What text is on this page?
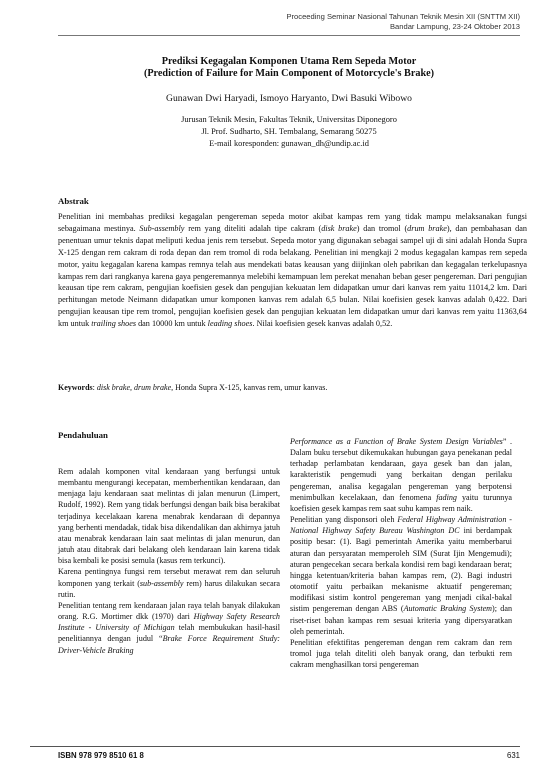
Proceeding Seminar Nasional Tahunan Teknik Mesin XII (SNTTM XII)
Bandar Lampung, 23-24 Oktober 2013
Prediksi Kegagalan Komponen Utama Rem Sepeda Motor
(Prediction of Failure for Main Component of Motorcycle's Brake)
Gunawan Dwi Haryadi, Ismoyo Haryanto, Dwi Basuki Wibowo
Jurusan Teknik Mesin, Fakultas Teknik, Universitas Diponegoro
Jl. Prof. Sudharto, SH. Tembalang, Semarang 50275
E-mail koresponden: gunawan_dh@undip.ac.id
Abstrak

Penelitian ini membahas prediksi kegagalan pengereman sepeda motor akibat kampas rem yang tidak mampu melaksanakan fungsi sebagaimana mestinya. Sub-assembly rem yang diteliti adalah tipe cakram (disk brake) dan tromol (drum brake), dan pembahasan dan penentuan umur teknis dapat meliputi kedua jenis rem tersebut. Sepeda motor yang digunakan sebagai sampel uji di sini adalah Honda Supra X-125 dengan rem cakram di roda depan dan rem tromol di roda belakang. Penelitian ini mengkaji 2 modus kegagalan kampas rem sepeda motor, yaitu kegagalan karena kampas remnya telah aus mendekati batas keausan yang diijinkan oleh pabrikan dan kegagalan terkelupasnya kampas rem dari rangkanya karena gaya pengeremannya melebihi kemampuan lem perekat menahan beban geser pengereman. Dari pengujian keausan tipe rem cakram, pengujian koefisien gesek dan pengujian kekuatan lem didapatkan umur dari kanvas rem yaitu 11014,2 km. Dari perhitungan metode Neimann didapatkan umur komponen kanvas rem adalah 6,5 bulan. Nilai koefisien gesek kanvas adalah 0,422. Dari pengujian keausan tipe rem tromol, pengujian koefisien gesek dan pengujian kekuatan lem didapatkan umur dari kanvas rem yaitu 11363,64 km untuk trailing shoes dan 10000 km untuk leading shoes. Nilai koefisien gesek kanvas adalah 0,52.

Keywords: disk brake, drum brake, Honda Supra X-125, kanvas rem, umur kanvas.

Pendahuluan

Rem adalah komponen vital kendaraan yang berfungsi untuk membantu mengurangi kecepatan, memberhentikan kendaraan, dan menjaga laju kendaraan saat melintas di jalan menurun (Limpert, Rudolf, 1992). Rem yang tidak berfungsi dengan baik bisa berakibat terjadinya kecelakaan karena menabrak kendaraan di depannya yang berhenti mendadak, tidak bisa dikendalikan dan akhirnya jatuh atau menabrak kendaraan lain saat melintas di jalan menurun, dan jatuh atau ditabrak dari belakang oleh kendaraan lain karena tidak bisa kembali ke posisi semula (kasus rem terkunci).

Karena pentingnya fungsi rem tersebut merawat rem dan seluruh komponen yang terkait (sub-assembly rem) harus dilakukan secara rutin.

Penelitian tentang rem kendaraan jalan raya telah banyak dilakukan orang. R.G. Mortimer dkk (1970) dari Highway Safety Research Institute - University of Michigan telah membukukan hasil-hasil penelitiannya dengan judul “Brake Force Requirement Study: Driver-Vehicle Braking

Performance as a Function of Brake System Design Variables” . Dalam buku tersebut dikemukakan hubungan gaya penekanan pedal terhadap perlambatan kendaraan, gaya gesek ban dan jalan, karakteristik pengemudi yang berkaitan dengan perilaku pengereman, analisa kegagalan pengereman yang berpotensi menimbulkan kecelakaan, dan fenomena fading yaitu turunnya koefisien gesek kampas rem saat suhu kampas rem naik.

Penelitian yang disponsori oleh Federal Highway Administration - National Highway Safety Bureau Washington DC ini berdampak positip besar: (1). Bagi pemerintah Amerika yaitu memberbarui aturan dan persyaratan memperoleh SIM (Surat Ijin Mengemudi); aturan pengecekan secara berkala kondisi rem bagi kendaraan berat; hingga ketentuan/kriteria bahan kampas rem, (2). Bagi industri otomotif yaitu perbaikan mekanisme aktuatif pengereman; modifikasi sistim kontrol pengereman yang menjadi cikal-bakal sistim pengereman dengan ABS (Automatic Braking System); dan riset-riset bahan kampas rem sesuai kriteria yang dipersyaratkan oleh pemerintah.

Penelitian efektifitas pengereman dengan rem cakram dan rem tromol juga telah diteliti oleh banyak orang, dan terbukti rem cakram menghasilkan torsi pengereman

ISBN 978 979 8510 61 8	631
